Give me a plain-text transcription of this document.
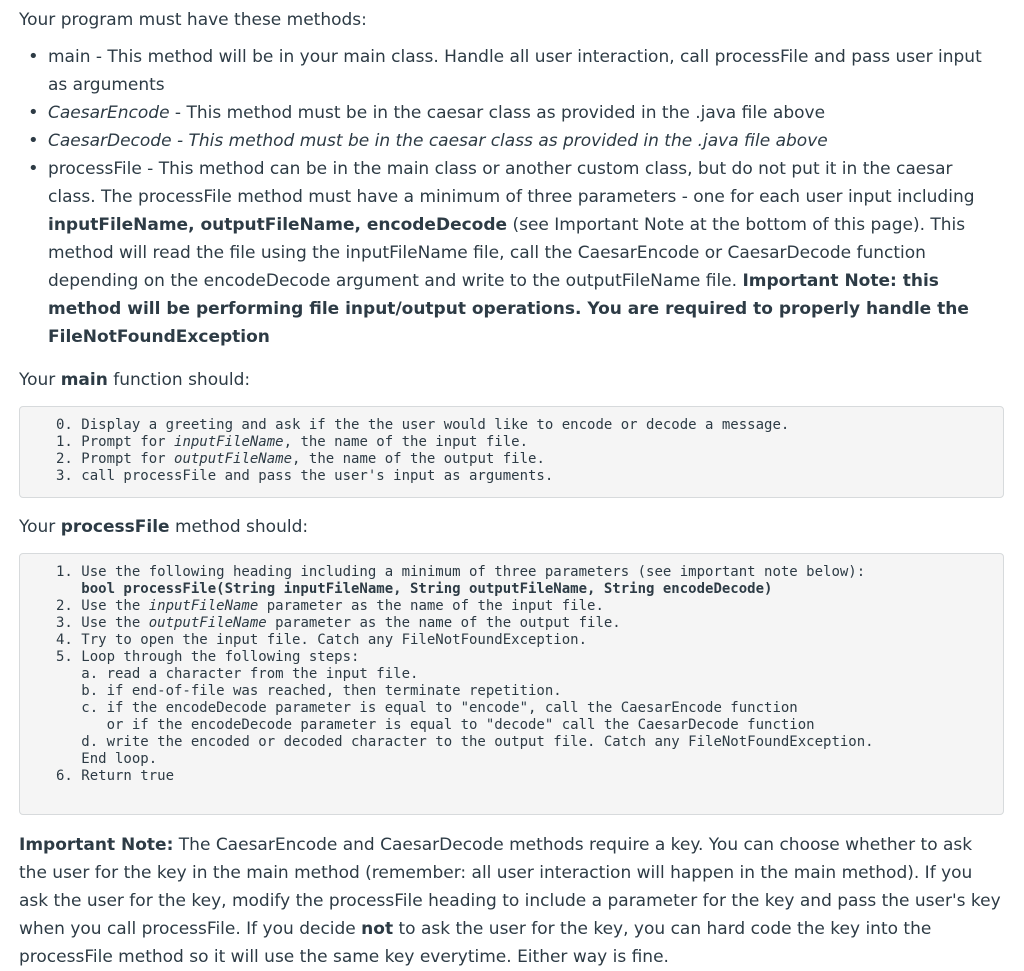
Your program must have these methods:

• main - This method will be in your main class. Handle all user interaction, call processFile and pass user input as arguments
• CaesarEncode - This method must be in the caesar class as provided in the .java file above
• CaesarDecode - This method must be in the caesar class as provided in the .java file above
• processFile - This method can be in the main class or another custom class, but do not put it in the caesar class. The processFile method must have a minimum of three parameters - one for each user input including inputFileName, outputFileName, encodeDecode (see Important Note at the bottom of this page). This method will read the file using the inputFileName file, call the CaesarEncode or CaesarDecode function depending on the encodeDecode argument and write to the outputFileName file. Important Note: this method will be performing file input/output operations. You are required to properly handle the FileNotFoundException

Your main function should:

0. Display a greeting and ask if the the user would like to encode or decode a message.
1. Prompt for inputFileName, the name of the input file.
2. Prompt for outputFileName, the name of the output file.
3. call processFile and pass the user's input as arguments.

Your processFile method should:

1. Use the following heading including a minimum of three parameters (see important note below):
bool processFile(String inputFileName, String outputFileName, String encodeDecode)
2. Use the inputFileName parameter as the name of the input file.
3. Use the outputFileName parameter as the name of the output file.
4. Try to open the input file. Catch any FileNotFoundException.
5. Loop through the following steps:
a. read a character from the input file.
b. if end-of-file was reached, then terminate repetition.
c. if the encodeDecode parameter is equal to "encode", call the CaesarEncode function
or if the encodeDecode parameter is equal to "decode" call the CaesarDecode function
d. write the encoded or decoded character to the output file. Catch any FileNotFoundException.
End loop.
6. Return true

Important Note: The CaesarEncode and CaesarDecode methods require a key. You can choose whether to ask the user for the key in the main method (remember: all user interaction will happen in the main method). If you ask the user for the key, modify the processFile heading to include a parameter for the key and pass the user's key when you call processFile. If you decide not to ask the user for the key, you can hard code the key into the processFile method so it will use the same key everytime. Either way is fine.
